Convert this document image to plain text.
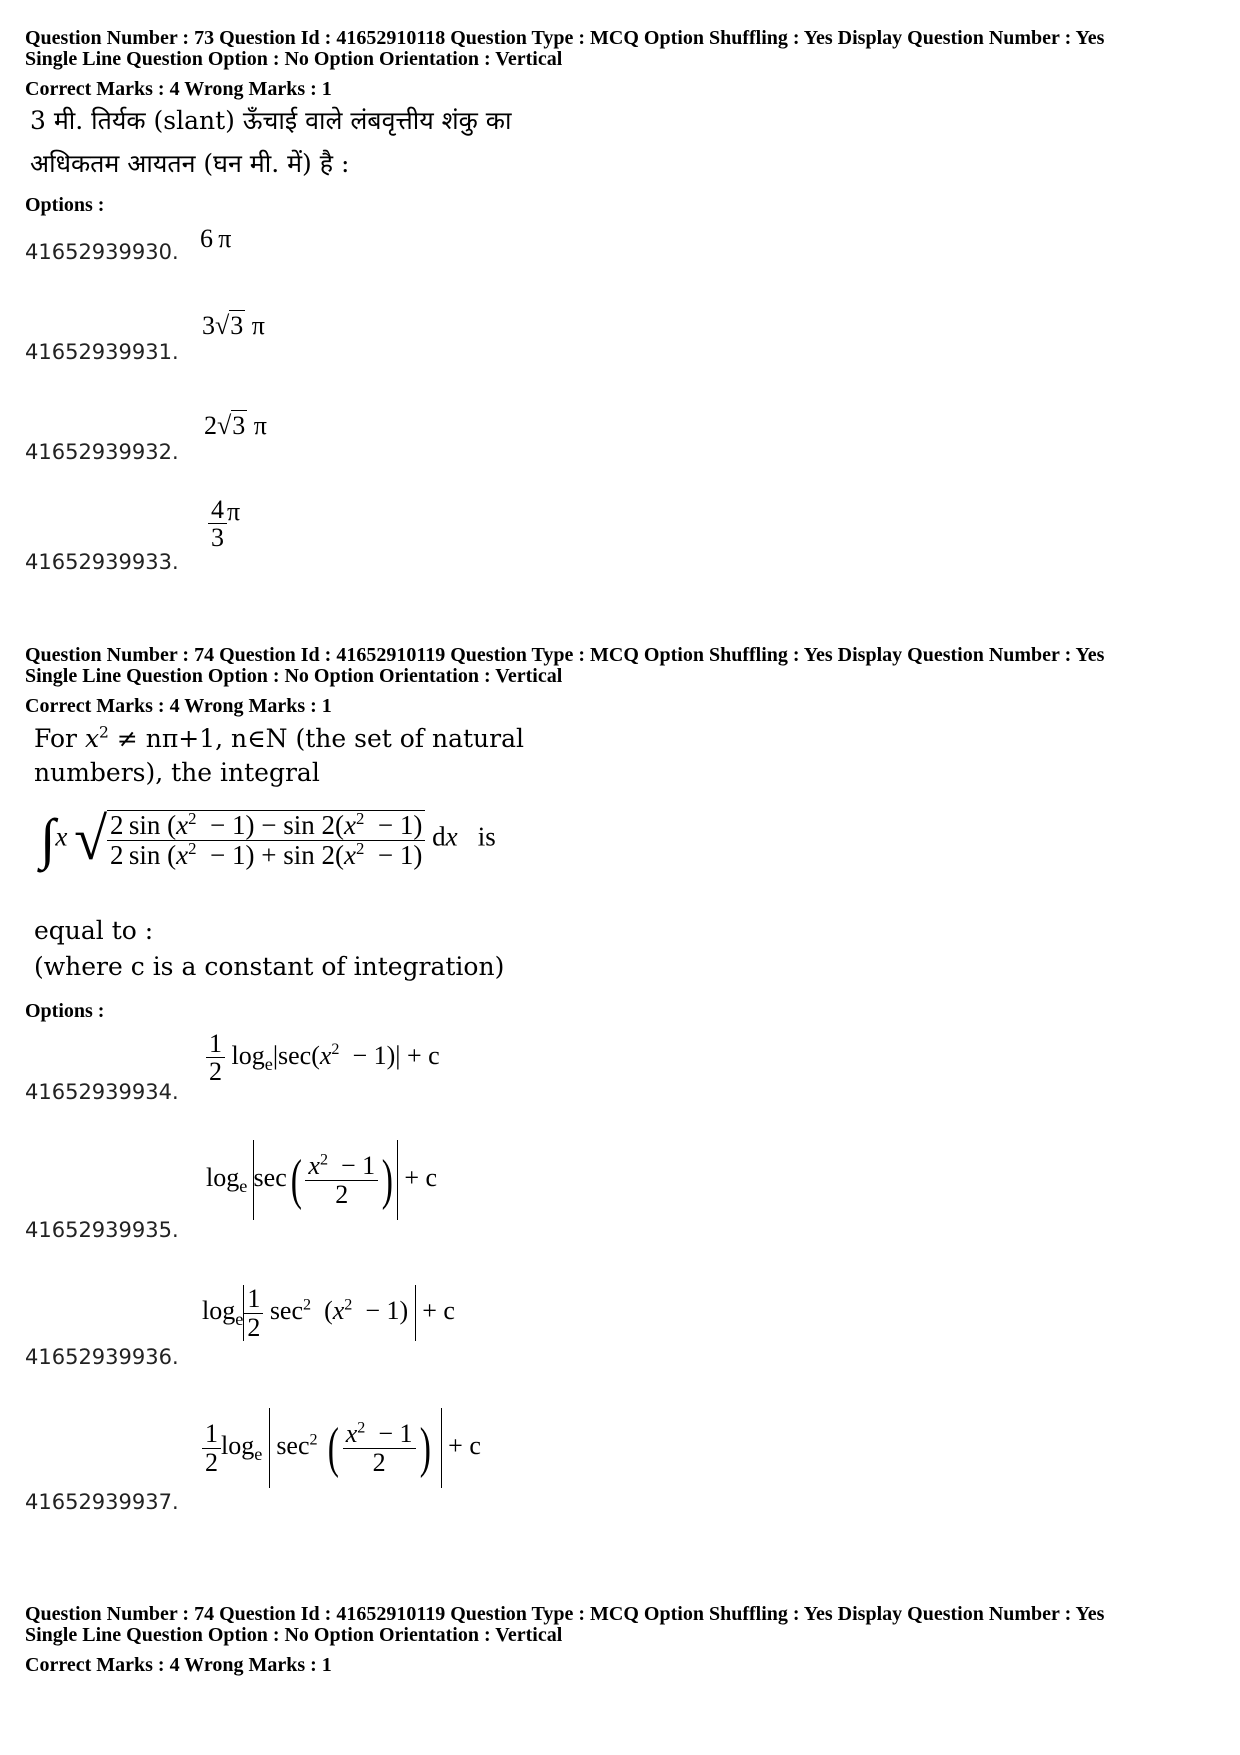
Question Number : 73 Question Id : 41652910118 Question Type : MCQ Option Shuffling : Yes Display Question Number : Yes
Single Line Question Option : No Option Orientation : Vertical
Correct Marks : 4 Wrong Marks : 1
3 मी. तिर्यक (slant) ऊँचाई वाले लंबवृत्तीय शंकु का
अधिकतम आयतन (घन मी. में) है :
Options :
41652939930. 6 π
41652939931.
3√3 π
41652939932.
2√3 π
41652939933.
$\frac{4}{3}$ π
Question Number : 74 Question Id : 41652910119 Question Type : MCQ Option Shuffling : Yes Display Question Number : Yes
Single Line Question Option : No Option Orientation : Vertical
Correct Marks : 4 Wrong Marks : 1
For $x^2 \ne n\pi+1$, n∈N (the set of natural
numbers), the integral
∫x √ $\frac{2 \sin (x^2 - 1) - \sin 2(x^2 - 1)}{2 \sin (x^2 - 1) + \sin 2(x^2 - 1)}$ dx   is
equal to :
(where c is a constant of integration)
Options :
41652939934.
$\frac{1}{2} \log_e|\sec(x^2 - 1)| + c$
41652939935.
$\log_e \sec( \frac{x^2 - 1}{2}$ ) + c
41652939936.
$\log_e \frac{1}{2} \sec^2 (x^2 - 1) + c$
41652939937.
$\frac{1}{2} \log_e \sec^2$ ( $\frac{x^2 - 1}{2}$ )  + c
Question Number : 74 Question Id : 41652910119 Question Type : MCQ Option Shuffling : Yes Display Question Number : Yes
Single Line Question Option : No Option Orientation : Vertical
Correct Marks : 4 Wrong Marks : 1
